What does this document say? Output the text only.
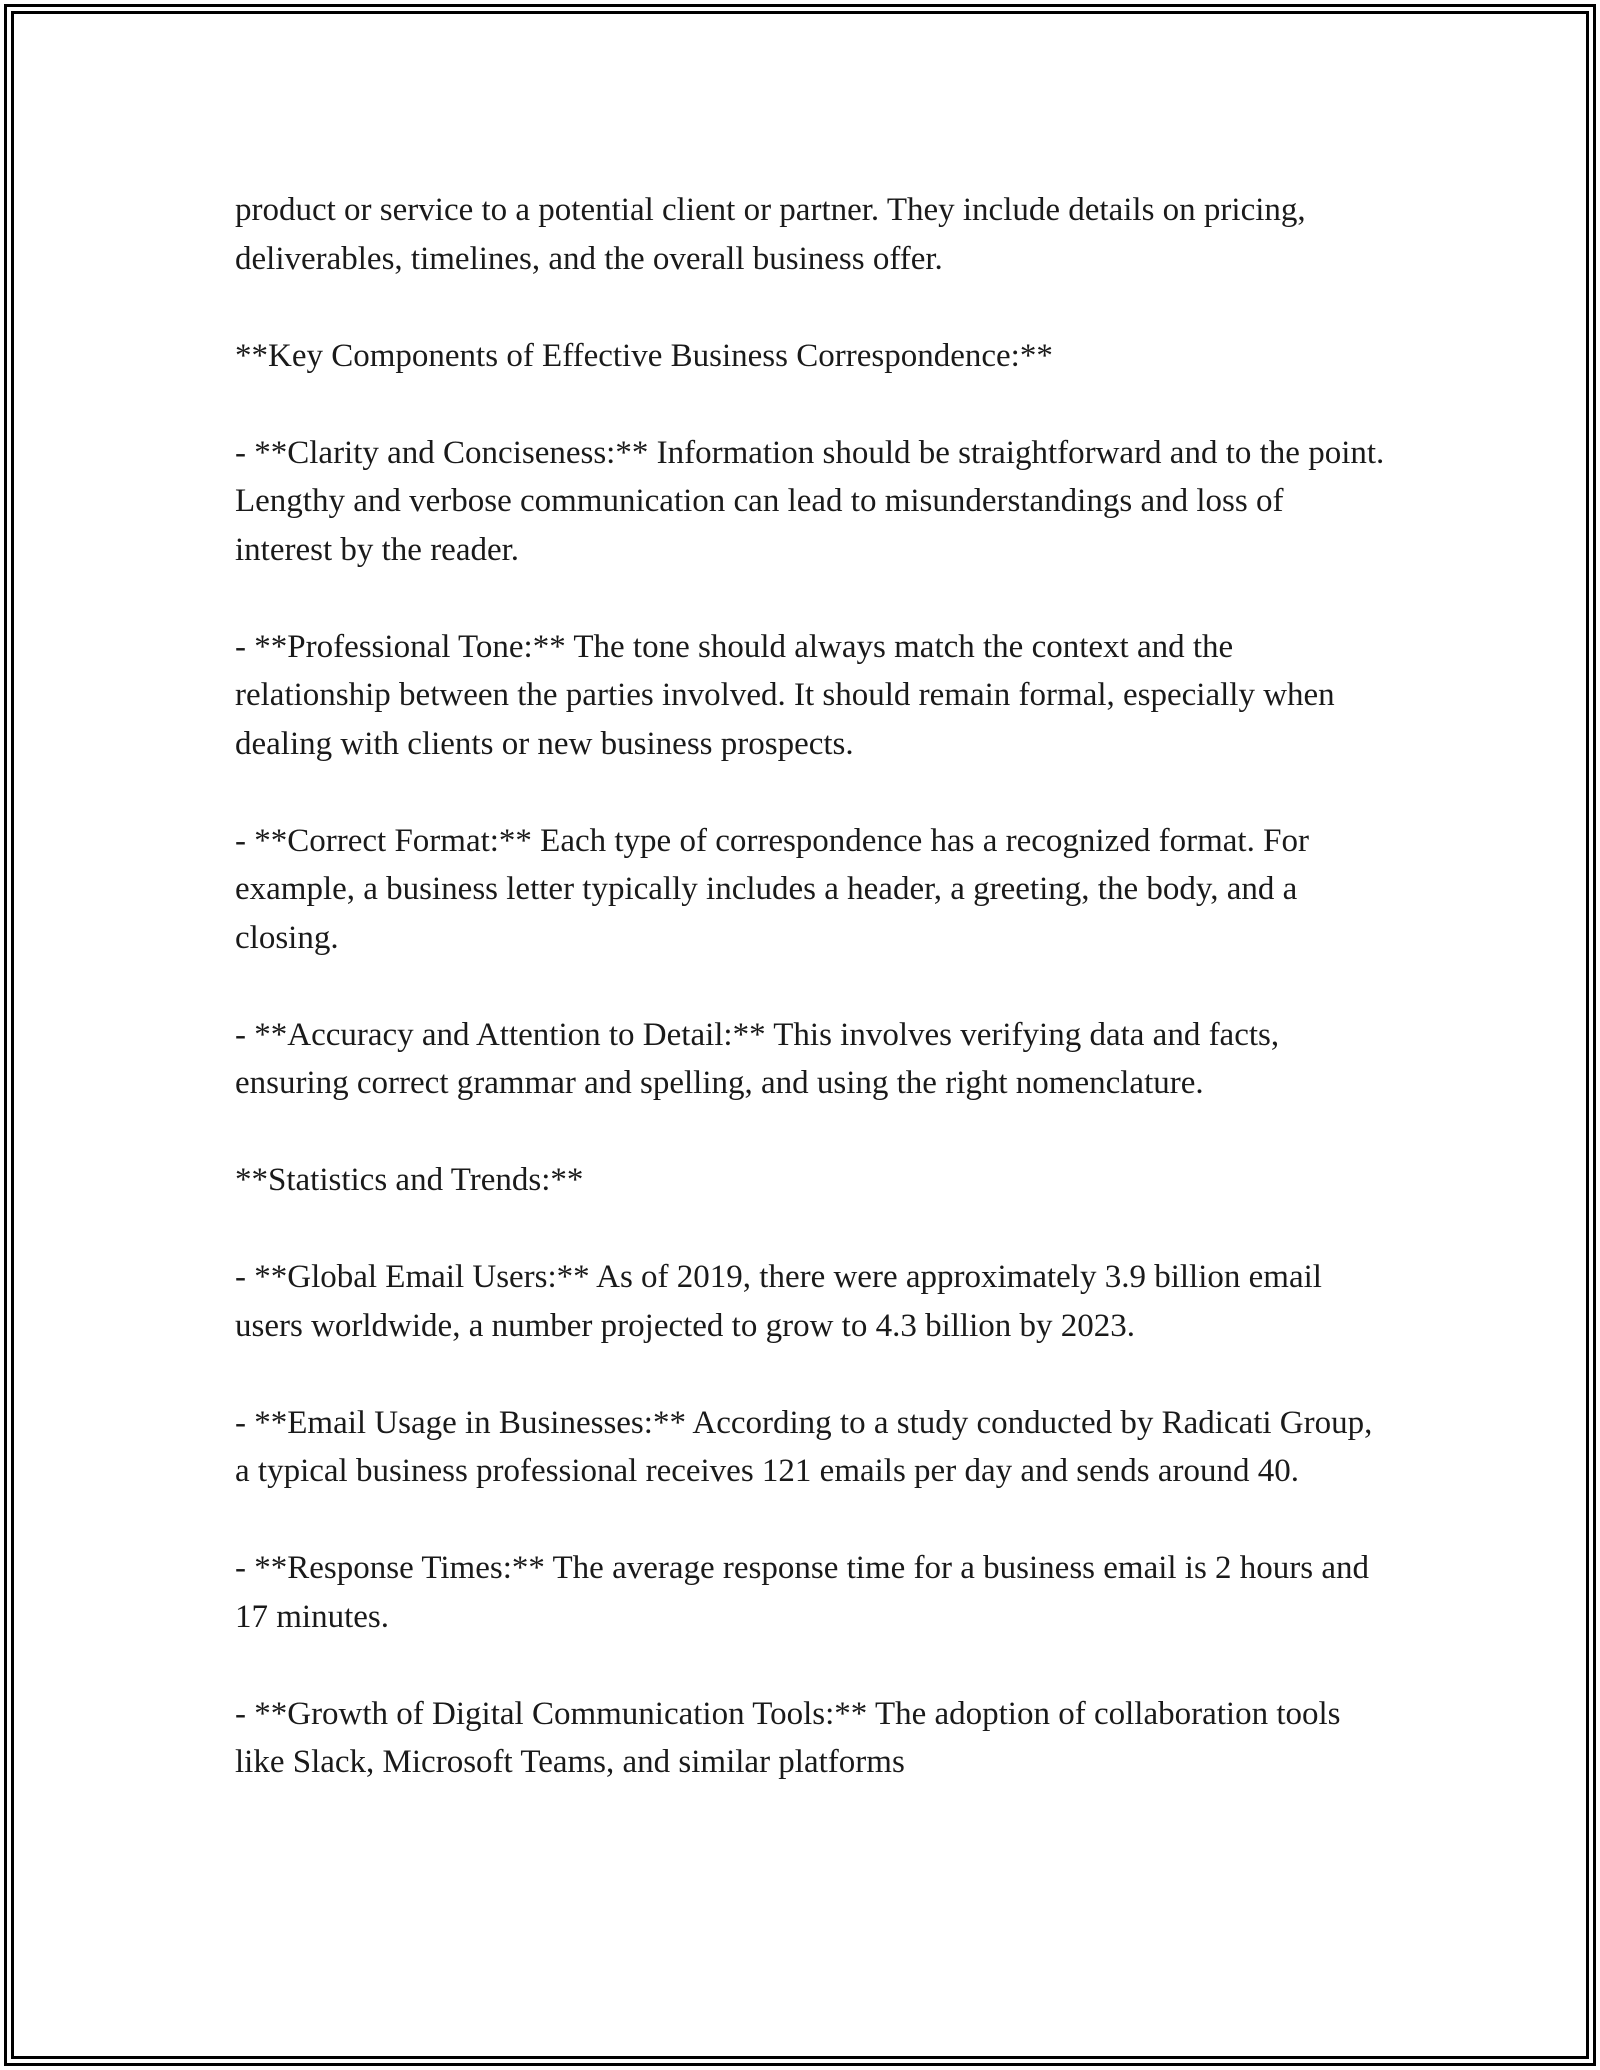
product or service to a potential client or partner. They include details on pricing, deliverables, timelines, and the overall business offer.

**Key Components of Effective Business Correspondence:**

- **Clarity and Conciseness:** Information should be straightforward and to the point. Lengthy and verbose communication can lead to misunderstandings and loss of interest by the reader.

- **Professional Tone:** The tone should always match the context and the relationship between the parties involved. It should remain formal, especially when dealing with clients or new business prospects.

- **Correct Format:** Each type of correspondence has a recognized format. For example, a business letter typically includes a header, a greeting, the body, and a closing.

- **Accuracy and Attention to Detail:** This involves verifying data and facts, ensuring correct grammar and spelling, and using the right nomenclature.

**Statistics and Trends:**

- **Global Email Users:** As of 2019, there were approximately 3.9 billion email users worldwide, a number projected to grow to 4.3 billion by 2023.

- **Email Usage in Businesses:** According to a study conducted by Radicati Group, a typical business professional receives 121 emails per day and sends around 40.

- **Response Times:** The average response time for a business email is 2 hours and 17 minutes.

- **Growth of Digital Communication Tools:** The adoption of collaboration tools like Slack, Microsoft Teams, and similar platforms
